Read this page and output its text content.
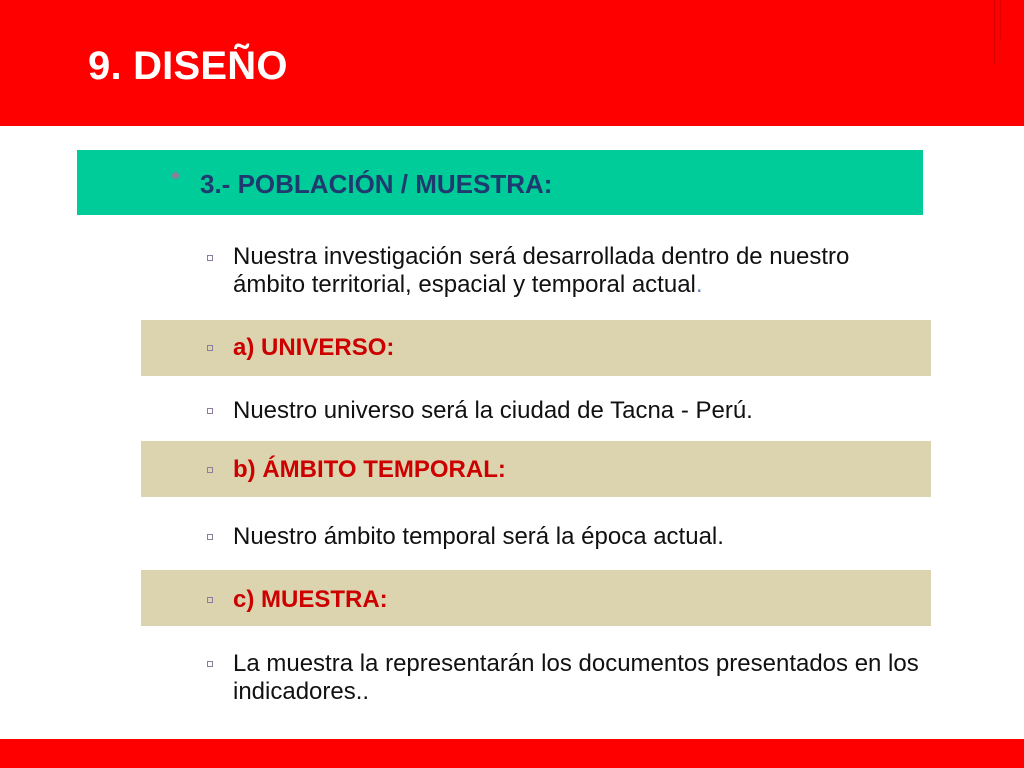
9. DISEÑO
3.- POBLACIÓN / MUESTRA:
Nuestra investigación será desarrollada dentro de nuestro ámbito territorial, espacial y temporal actual.
a) UNIVERSO:
Nuestro universo será la ciudad de Tacna - Perú.
b) ÁMBITO TEMPORAL:
Nuestro ámbito temporal será la época actual.
c) MUESTRA:
La muestra la representarán los documentos presentados en los indicadores..
